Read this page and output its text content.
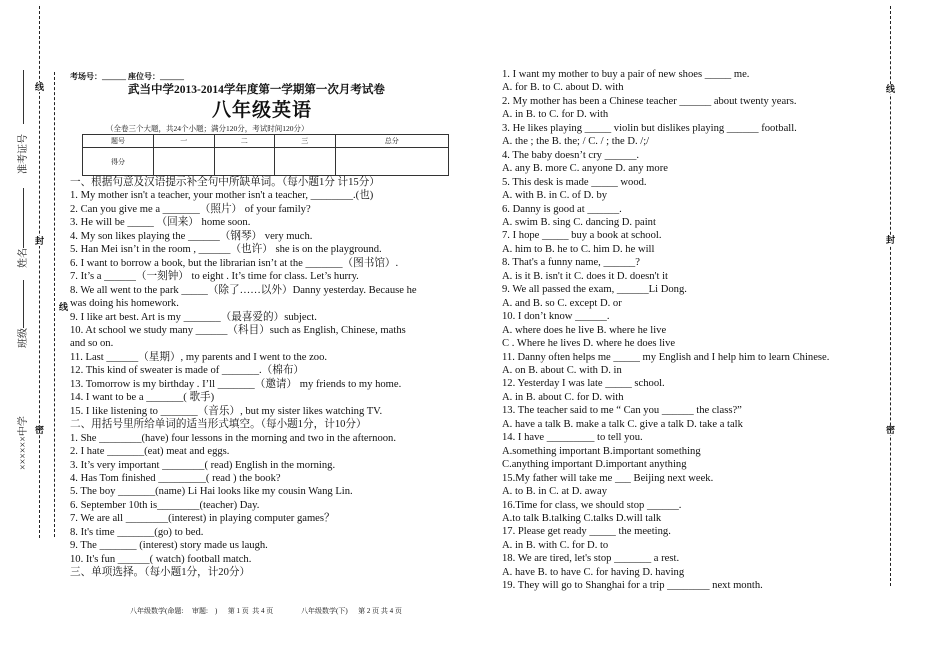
准考证号
姓名
班级
××××××中学
线
封
密
线
线
封
密
考场号：______ 座位号：______
武当中学2013-2014学年度第一学期第一次月考试卷
八年级英语
（全卷三个大题，共24个小题；满分120分，考试时间120分）
题号	一	二	三	总分
得分				
一、根据句意及汉语提示补全句中所缺单词。（每小题1分 计15分）
1. My mother isn't a teacher, your mother isn't a teacher, ________.(也)
2. Can you give me a _______（照片） of your family?
3. He will be _____ （回来） home soon.
4. My son likes playing the ______（钢琴） very much.
5. Han Mei isn’t in the room , ______（也许） she is on the playground.
6. I want to borrow a book, but the librarian isn’t at the _______（图书馆）.
7. It’s a ______（一刻钟） to eight . It’s time for class. Let’s hurry.
8. We all went to the park _____（除了……以外）Danny yesterday. Because he
was doing his homework.
9. I like art best. Art is my _______（最喜爱的）subject.
10. At school we study many ______（科目）such as English, Chinese, maths
and so on.
11. Last ______（星期）, my parents and I went to the zoo.
12. This kind of sweater is made of _______.（棉布）
13. Tomorrow is my birthday . I’ll _______（邀请） my friends to my home.
14. I want to be a _______( 歌手)
15. I like listening to _______（音乐）, but my sister likes watching TV.
二、用括号里所给单词的适当形式填空。（每小题1分，计10分）
1. She ________(have) four lessons in the morning and two in the afternoon.
2. I hate _______(eat) meat and eggs.
3. It’s very important ________( read) English in the morning.
4. Has Tom finished _________( read ) the book?
5. The boy _______(name) Li Hai looks like my cousin Wang Lin.
6. September 10th is________(teacher) Day.
7. We are all ________(interest) in playing computer games？
8. It's time _______(go) to bed.
9. The _______ (interest) story made us laugh.
10. It's fun ______( watch) football match.
三、单项选择。（每小题1分，计20分）
1. I want my mother to buy a pair of new shoes _____ me.
A. for B. to C. about D. with
2. My mother has been a Chinese teacher ______ about twenty years.
A. in B. to C. for D. with
3. He likes playing _____ violin but dislikes playing ______ football.
A. the ; the B. the; / C. / ; the D. /;/
4. The baby doesn’t cry ______.
A. any B. more C. anyone D. any more
5. This desk is made _____ wood.
A. with B. in C. of D. by
6. Danny is good at ______.
A. swim B. sing C. dancing D. paint
7. I hope _____ buy a book at school.
A. him to B. he to C. him D. he will
8. That's a funny name, ______?
A. is it B. isn't it C. does it D. doesn't it
9. We all passed the exam, ______Li Dong.
A. and B. so C. except D. or
10. I don’t know ______.
A. where does he live B. where he live
C . Where he lives D. where he does live
11. Danny often helps me _____ my English and I help him to learn Chinese.
A. on B. about C. with D. in
12. Yesterday I was late _____ school.
A. in B. about C. for D. with
13. The teacher said to me “ Can you ______ the class?”
A. have a talk B. make a talk C. give a talk D. take a talk
14. I have _________ to tell you.
A.something important B.important something
C.anything important D.important anything
15.My father will take me ___ Beijing next week.
A. to B. in C. at D. away
16.Time for class, we should stop ______.
A.to talk B.talking C.talks D.will talk
17. Please get ready _____ the meeting.
A. in B. with C. for D. to
18. We are tired, let's stop _______ a rest.
A. have B. to have C. for having D. having
19. They will go to Shanghai for a trip ________ next month.
八年级数学(命题:     审题:    )      第 1 页  共 4 页	八年级数学(下)      第 2 页 共 4 页
